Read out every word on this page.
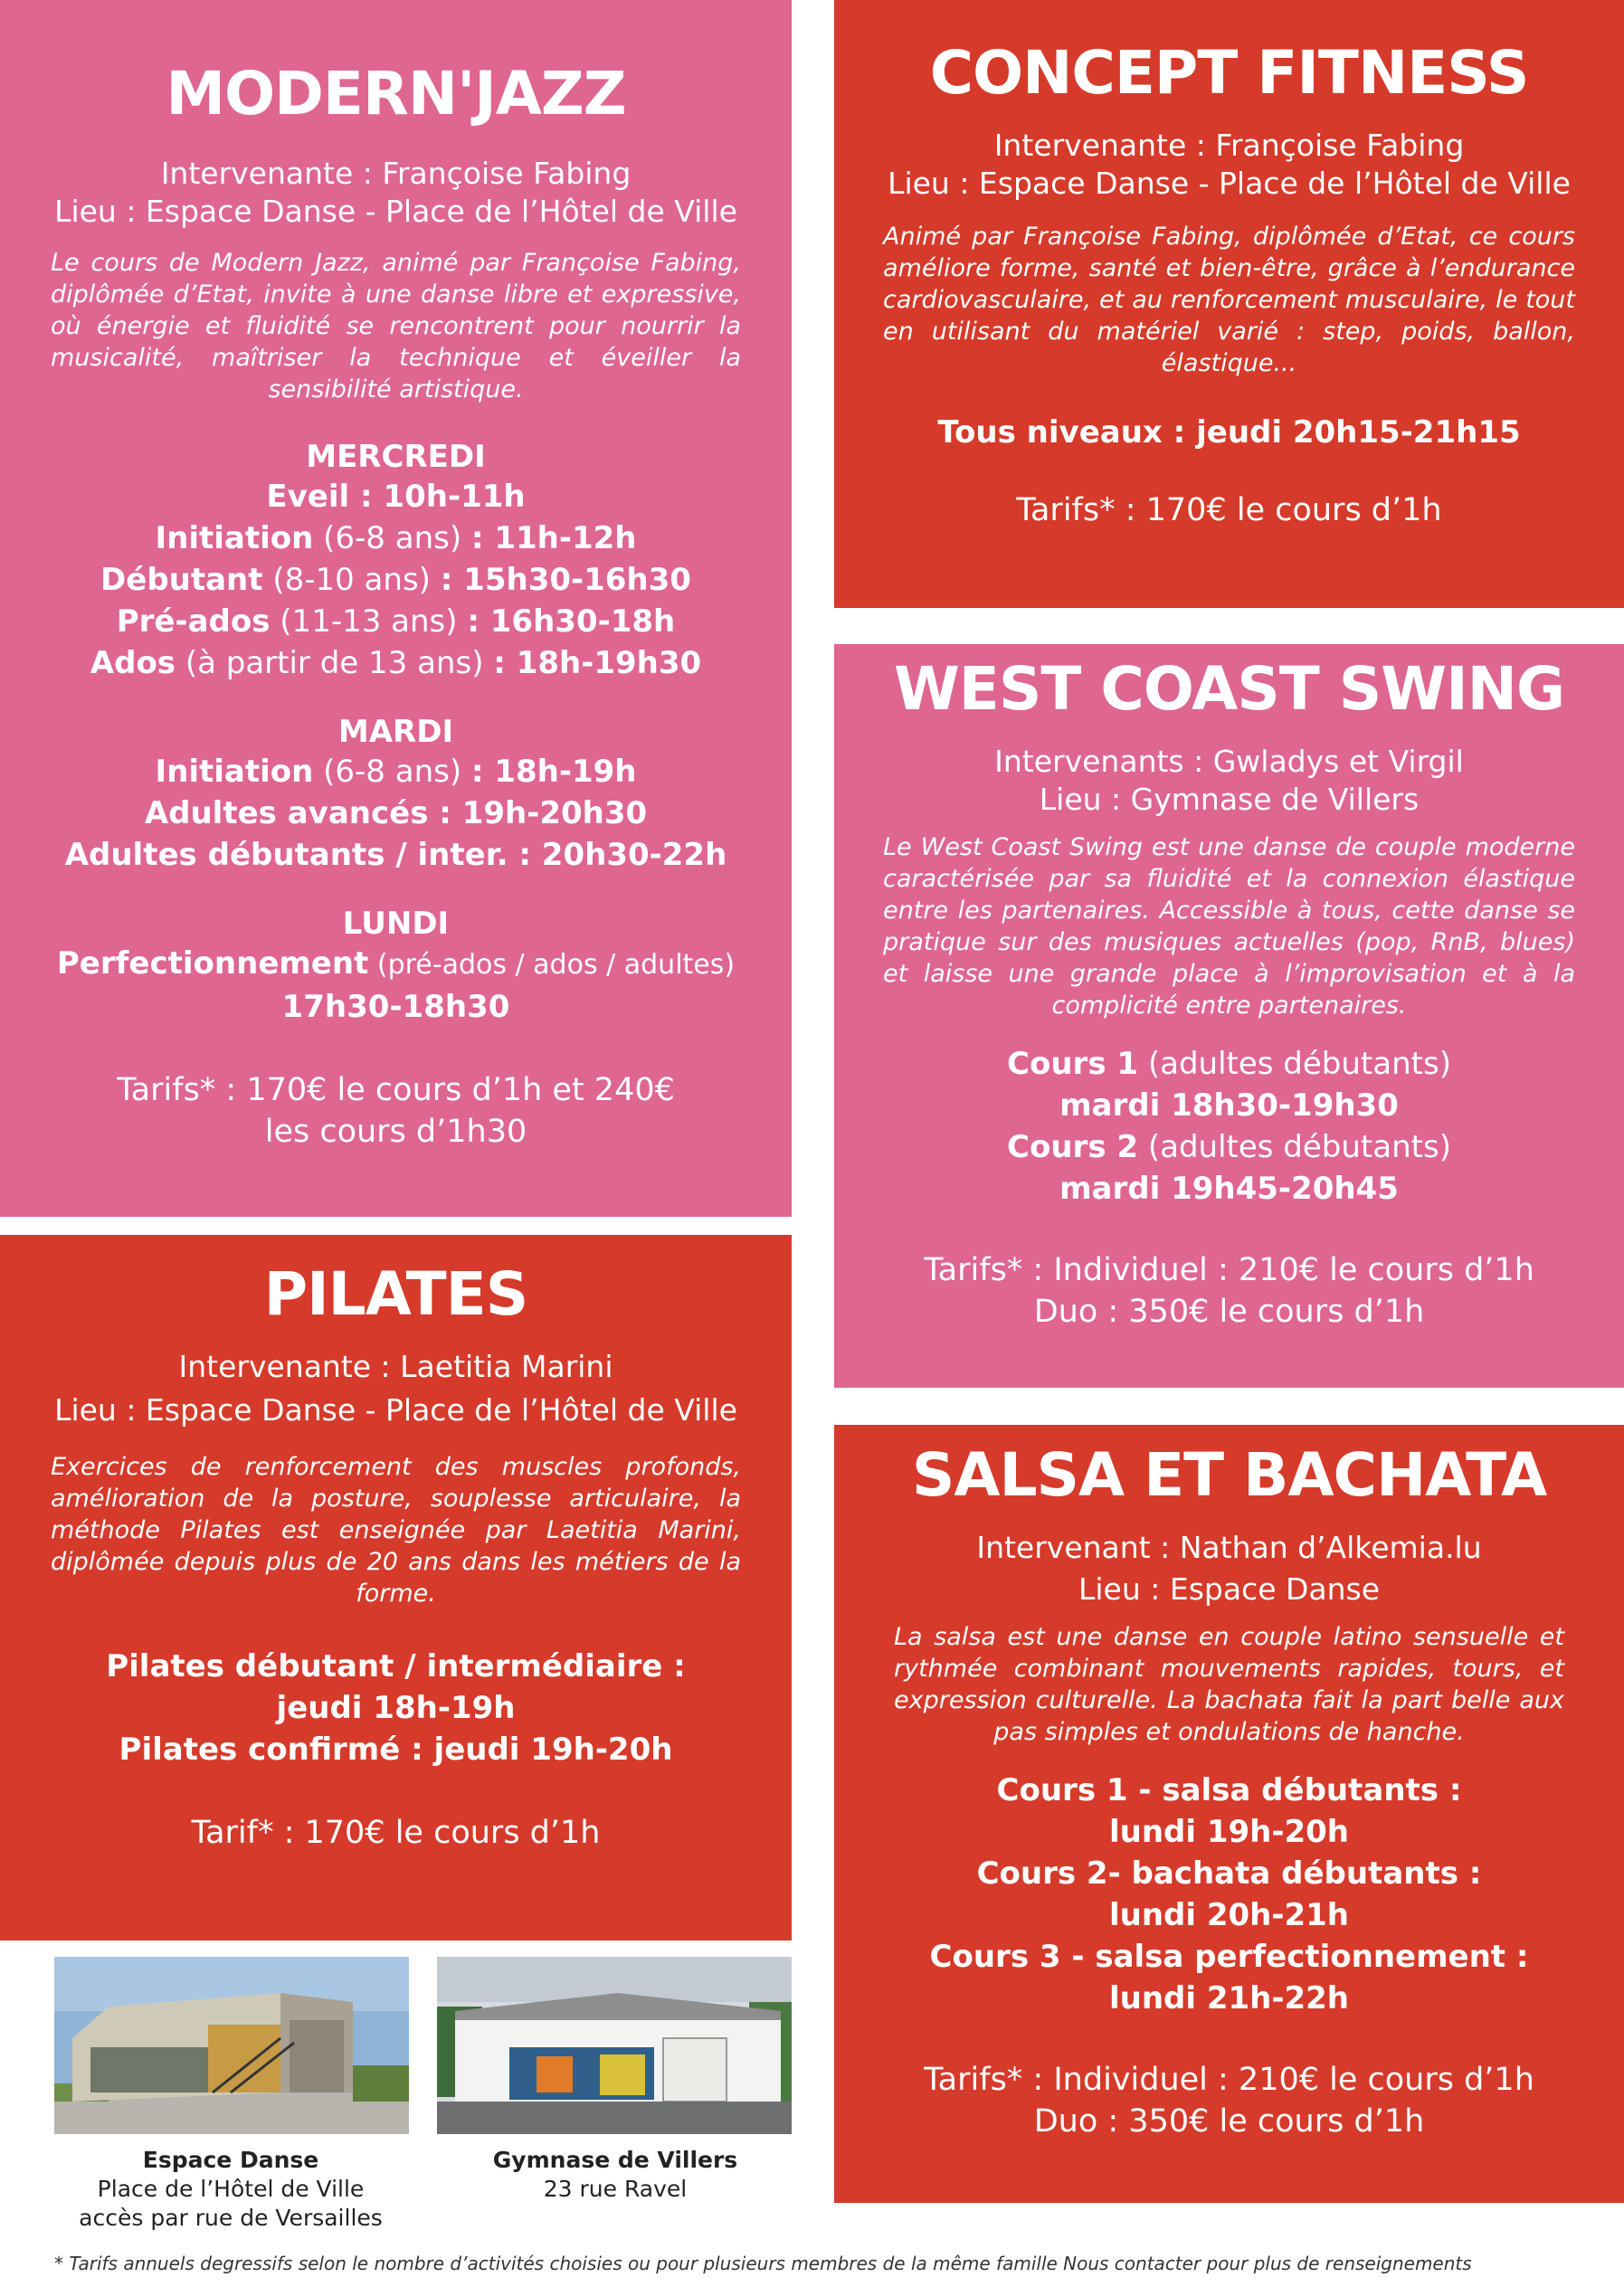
MODERN'JAZZ

Intervenante : Françoise Fabing

Lieu : Espace Danse - Place de l’Hôtel de Ville

Le cours de Modern Jazz, animé par Françoise Fabing, diplômée d’Etat, invite à une danse libre et expressive, où énergie et fluidité se rencontrent pour nourrir la musicalité, maîtriser la technique et éveiller la sensibilité artistique.

MERCREDI

Eveil : 10h-11h

Initiation (6-8 ans) : 11h-12h

Débutant (8-10 ans) : 15h30-16h30

Pré-ados (11-13 ans) : 16h30-18h

Ados (à partir de 13 ans) : 18h-19h30

MARDI

Initiation (6-8 ans) : 18h-19h

Adultes avancés : 19h-20h30

Adultes débutants / inter. : 20h30-22h

LUNDI

Perfectionnement (pré-ados / ados / adultes)

17h30-18h30

Tarifs* : 170€ le cours d’1h et 240€

les cours d’1h30

CONCEPT FITNESS

Intervenante : Françoise Fabing

Lieu : Espace Danse - Place de l’Hôtel de Ville

Animé par Françoise Fabing, diplômée d’Etat, ce cours améliore forme, santé et bien-être, grâce à l’endurance cardiovasculaire, et au renforcement musculaire, le tout en utilisant du matériel varié : step, poids, ballon, élastique...

Tous niveaux : jeudi 20h15-21h15

Tarifs* : 170€ le cours d’1h

WEST COAST SWING

Intervenants : Gwladys et Virgil

Lieu : Gymnase de Villers

Le West Coast Swing est une danse de couple moderne caractérisée par sa fluidité et la connexion élastique entre les partenaires. Accessible à tous, cette danse se pratique sur des musiques actuelles (pop, RnB, blues) et laisse une grande place à l’improvisation et à la complicité entre partenaires.

Cours 1 (adultes débutants)

mardi 18h30-19h30

Cours 2 (adultes débutants)

mardi 19h45-20h45

Tarifs* : Individuel : 210€ le cours d’1h

Duo : 350€ le cours d’1h

PILATES

Intervenante : Laetitia Marini

Lieu : Espace Danse - Place de l’Hôtel de Ville

Exercices de renforcement des muscles profonds, amélioration de la posture, souplesse articulaire, la méthode Pilates est enseignée par Laetitia Marini, diplômée depuis plus de 20 ans dans les métiers de la forme.

Pilates débutant / intermédiaire :

jeudi 18h-19h

Pilates confirmé : jeudi 19h-20h

Tarif* : 170€ le cours d’1h

SALSA ET BACHATA

Intervenant : Nathan d’Alkemia.lu

Lieu : Espace Danse

La salsa est une danse en couple latino sensuelle et rythmée combinant mouvements rapides, tours, et expression culturelle. La bachata fait la part belle aux pas simples et ondulations de hanche.

Cours 1 - salsa débutants :

lundi 19h-20h

Cours 2- bachata débutants :

lundi 20h-21h

Cours 3 - salsa perfectionnement :

lundi 21h-22h

Tarifs* : Individuel : 210€ le cours d’1h

Duo : 350€ le cours d’1h

Espace Danse
Place de l’Hôtel de Ville
accès par rue de Versailles
Gymnase de Villers
23 rue Ravel
* Tarifs annuels degressifs selon le nombre d’activités choisies ou pour plusieurs membres de la même famille Nous contacter pour plus de renseignements
